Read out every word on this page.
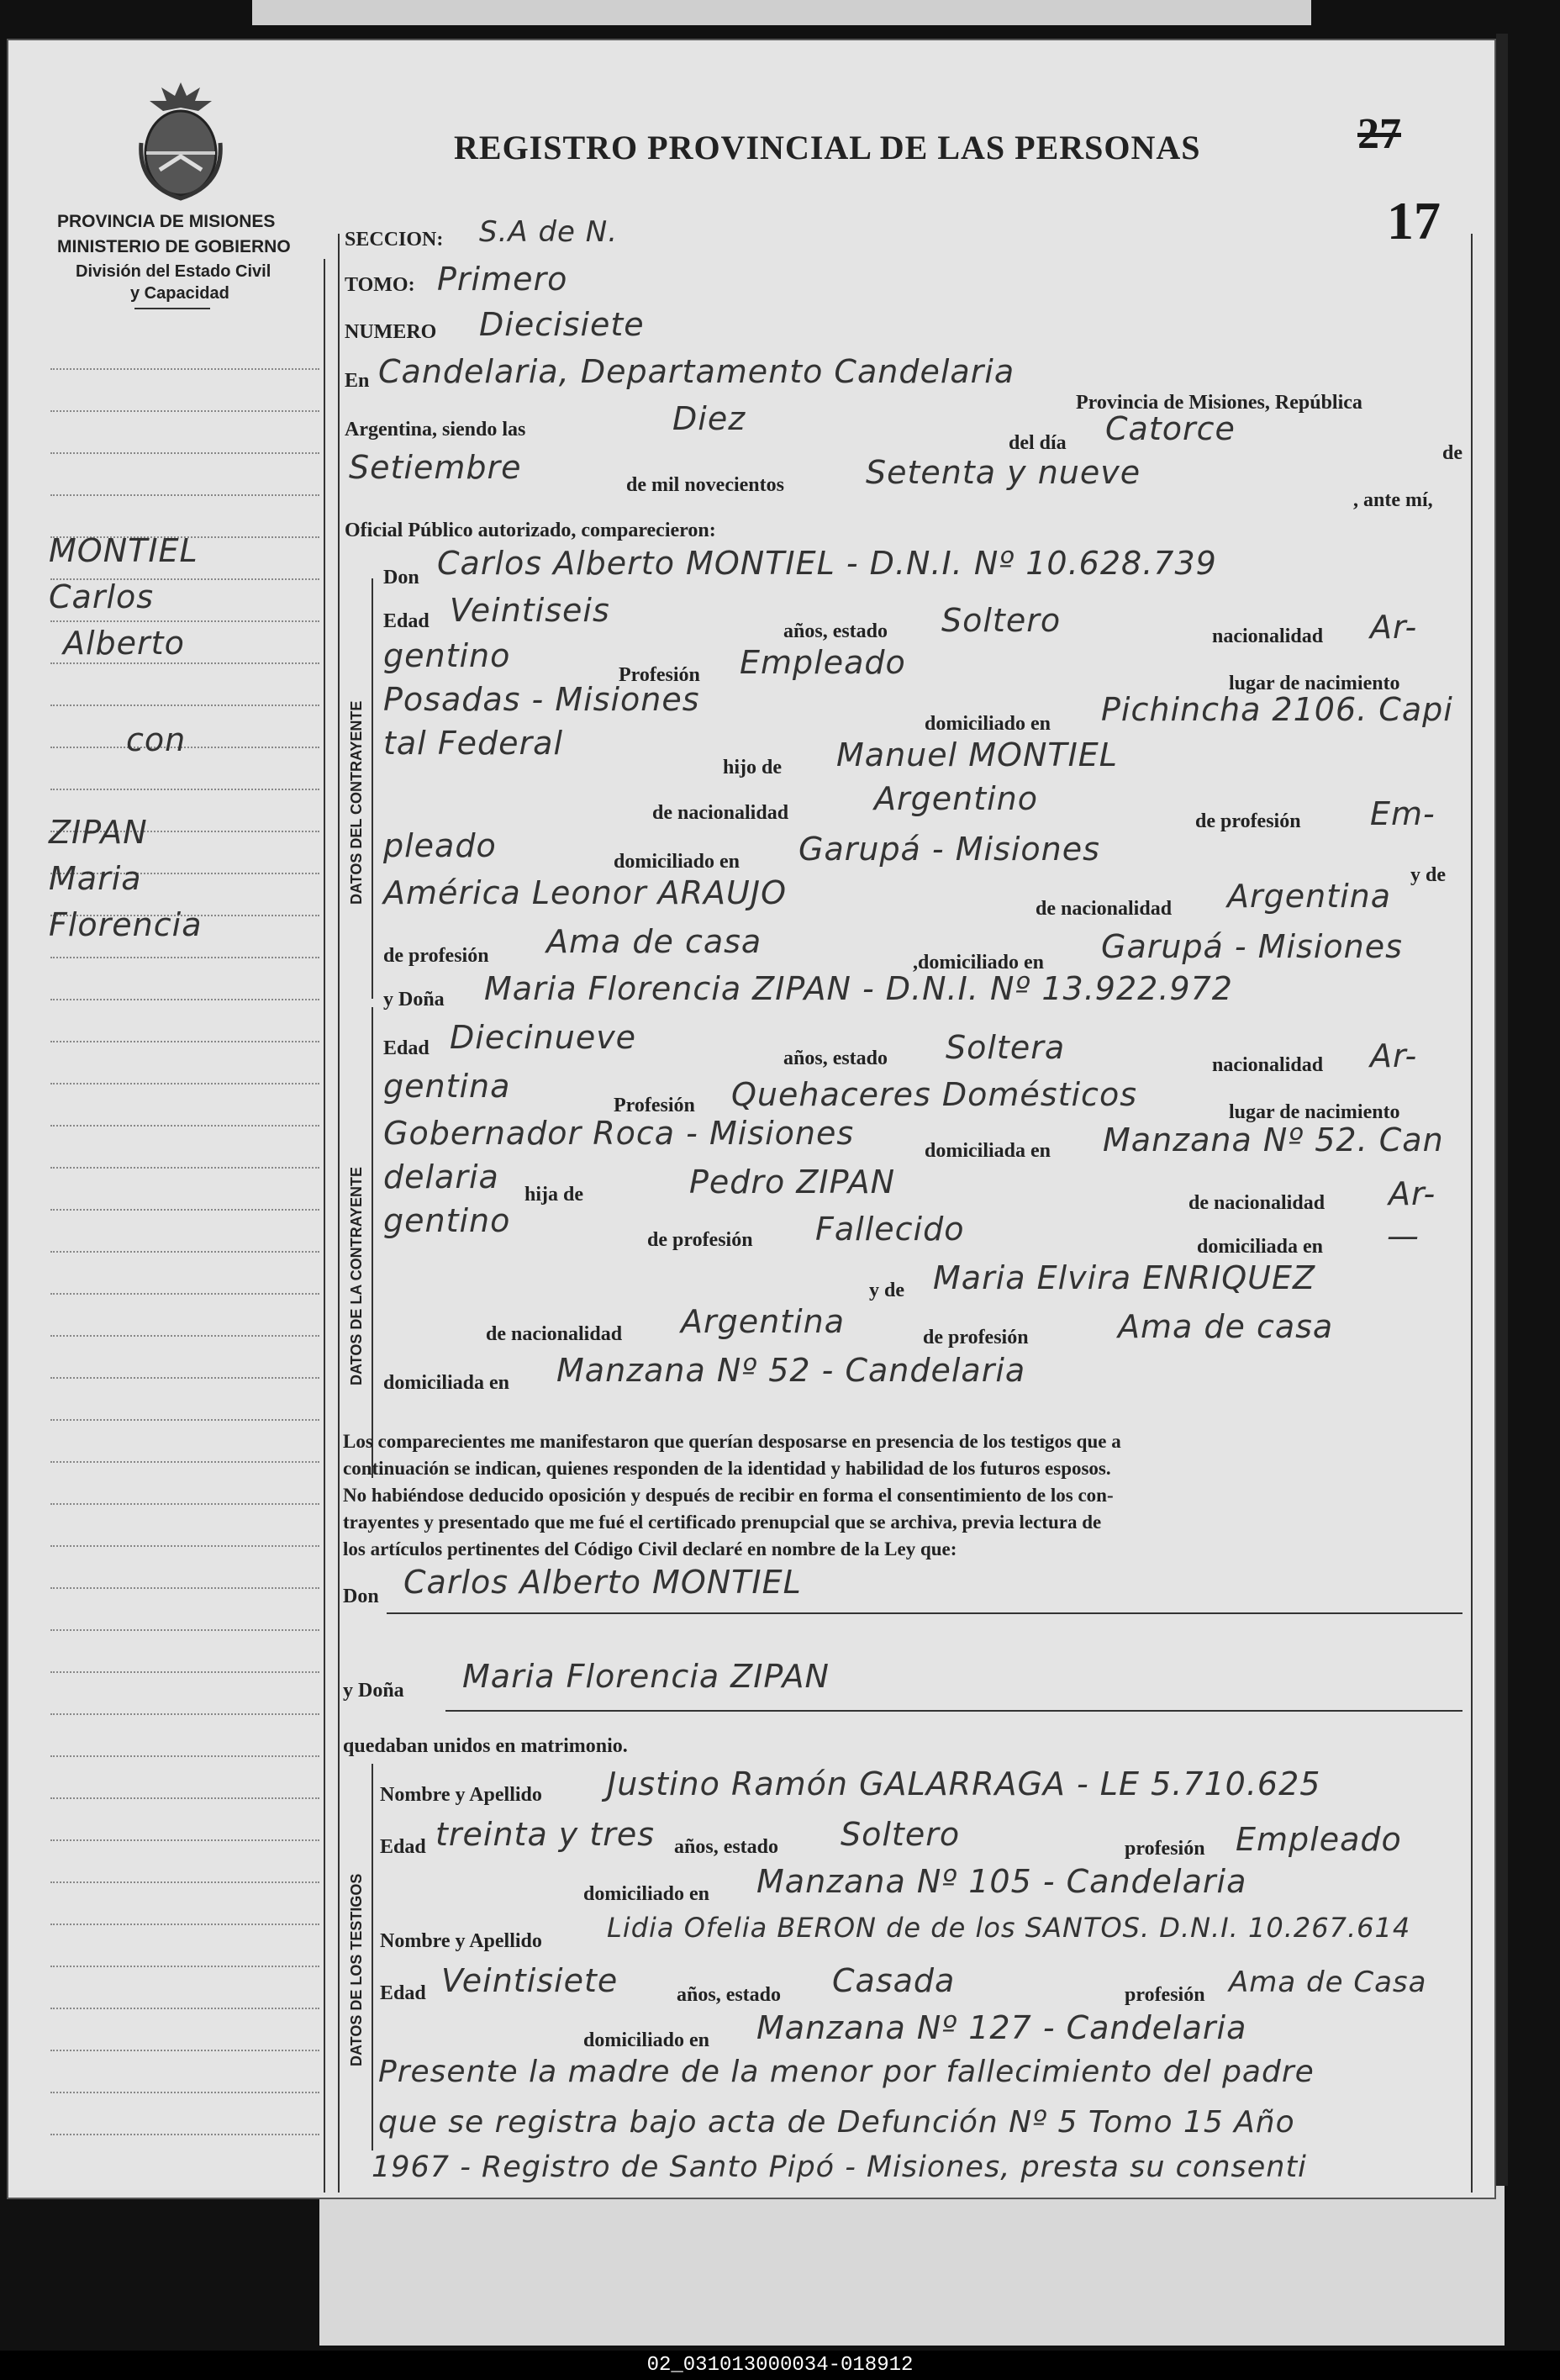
PROVINCIA DE MISIONES
MINISTERIO DE GOBIERNO
División del Estado Civil
y Capacidad
REGISTRO PROVINCIAL DE LAS PERSONAS	27
17
MONTIEL
Carlos
Alberto
con
ZIPAN
Maria
Florencia
SECCION: S.A de N.
TOMO: Primero
NUMERO Diecisiete
En Candelaria, Departamento Candelaria
Provincia de Misiones, República
Argentina, siendo las	Diez
del día Catorce
de
Setiembre	de mil novecientos	Setenta y nueve
, ante mí,
Oficial Público autorizado, comparecieron:
DATOS DEL CONTRAYENTE
Don Carlos Alberto MONTIEL - D.N.I. Nº 10.628.739
Edad Veintiseis
años, estado Soltero	nacionalidad Ar-
gentino
Profesión Empleado
lugar de nacimiento
Posadas - Misiones
domiciliado en Pichincha 2106. Capi
tal Federal
hijo de Manuel MONTIEL
de nacionalidad	Argentino
de profesión Em-
pleado	domiciliado en Garupá - Misiones
y de
América Leonor ARAUJO	de nacionalidad Argentina
de profesión Ama de casa
,domiciliado en Garupá - Misiones
DATOS DE LA CONTRAYENTE
y Doña Maria Florencia ZIPAN - D.N.I. Nº 13.922.972
Edad Diecinueve
años, estado Soltera	nacionalidad Ar-
gentina
Profesión Quehaceres Domésticos	lugar de nacimiento
Gobernador Roca - Misiones	domiciliada en Manzana Nº 52. Can
delaria hija de	Pedro ZIPAN
de nacionalidad Ar-
gentino
de profesión Fallecido	domiciliada en —
y de Maria Elvira ENRIQUEZ
de nacionalidad Argentina	de profesión	Ama de casa
domiciliada en Manzana Nº 52 - Candelaria
Los comparecientes me manifestaron que querían desposarse en presencia de los testigos que a
continuación se indican, quienes responden de la identidad y habilidad de los futuros esposos.
No habiéndose deducido oposición y después de recibir en forma el consentimiento de los con-
trayentes y presentado que me fué el certificado prenupcial que se archiva, previa lectura de
los artículos pertinentes del Código Civil declaré en nombre de la Ley que:
Don Carlos Alberto MONTIEL
y Doña Maria Florencia ZIPAN
quedaban unidos en matrimonio.
DATOS DE LOS TESTIGOS
Nombre y Apellido Justino Ramón GALARRAGA - LE 5.710.625
Edad treinta y tres años, estado Soltero	profesión Empleado
domiciliado en Manzana Nº 105 - Candelaria
Nombre y Apellido Lidia Ofelia BERON de de los SANTOS. D.N.I. 10.267.614
Edad Veintisiete	años, estado Casada	profesión Ama de Casa
domiciliado en Manzana Nº 127 - Candelaria
Presente la madre de la menor por fallecimiento del padre
que se registra bajo acta de Defunción Nº 5 Tomo 15 Año
1967 - Registro de Santo Pipó - Misiones, presta su consenti
02_031013000034-018912
